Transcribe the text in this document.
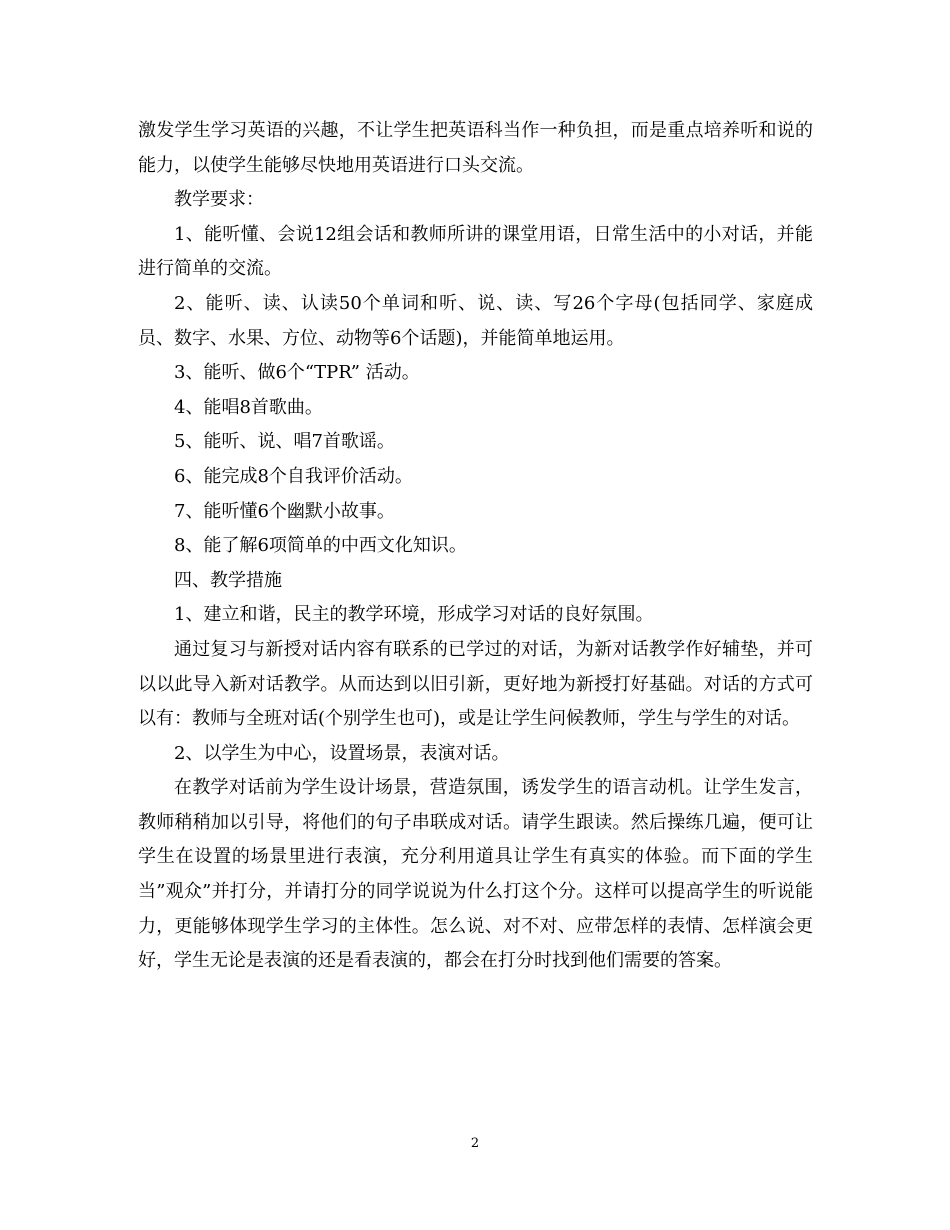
激发学生学习英语的兴趣，不让学生把英语科当作一种负担，而是重点培养听和说的能力，以使学生能够尽快地用英语进行口头交流。

教学要求：

1、能听懂、会说12组会话和教师所讲的课堂用语，日常生活中的小对话，并能进行简单的交流。

2、能听、读、认读50个单词和听、说、读、写26个字母(包括同学、家庭成员、数字、水果、方位、动物等6个话题)，并能简单地运用。

3、能听、做6个“TPR” 活动。

4、能唱8首歌曲。

5、能听、说、唱7首歌谣。

6、能完成8个自我评价活动。

7、能听懂6个幽默小故事。

8、能了解6项简单的中西文化知识。

四、教学措施

1、建立和谐，民主的教学环境，形成学习对话的良好氛围。

通过复习与新授对话内容有联系的已学过的对话，为新对话教学作好辅垫，并可以以此导入新对话教学。从而达到以旧引新，更好地为新授打好基础。对话的方式可以有：教师与全班对话(个别学生也可)，或是让学生问候教师，学生与学生的对话。

2、以学生为中心，设置场景，表演对话。

在教学对话前为学生设计场景，营造氛围，诱发学生的语言动机。让学生发言，教师稍稍加以引导，将他们的句子串联成对话。请学生跟读。然后操练几遍，便可让学生在设置的场景里进行表演，充分利用道具让学生有真实的体验。而下面的学生当”观众”并打分，并请打分的同学说说为什么打这个分。这样可以提高学生的听说能力，更能够体现学生学习的主体性。怎么说、对不对、应带怎样的表情、怎样演会更好，学生无论是表演的还是看表演的，都会在打分时找到他们需要的答案。

2
